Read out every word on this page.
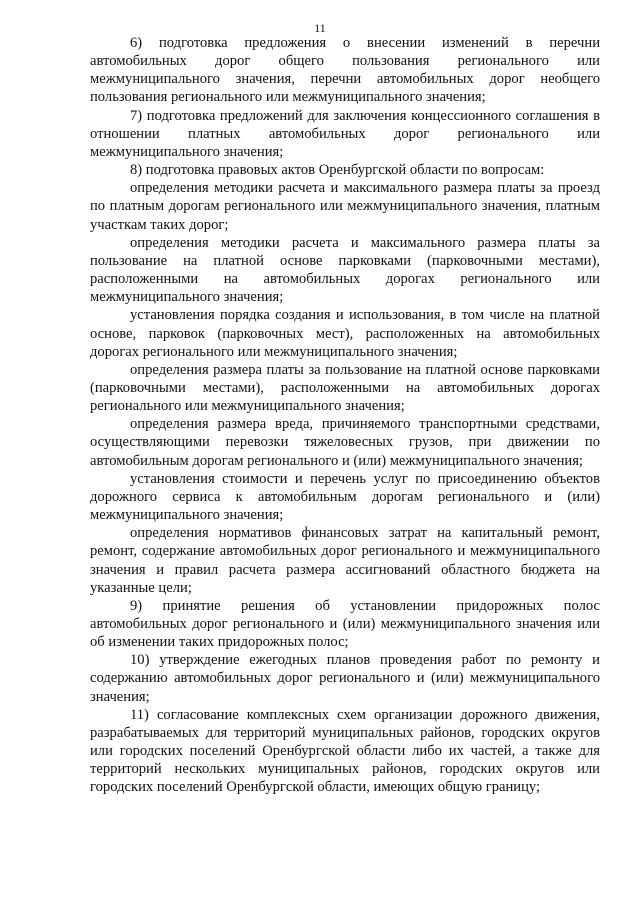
11

6) подготовка предложения о внесении изменений в перечни автомобильных дорог общего пользования регионального или межмуниципального значения, перечни автомобильных дорог необщего пользования регионального или межмуниципального значения;

7) подготовка предложений для заключения концессионного соглашения в отношении платных автомобильных дорог регионального или межмуниципального значения;

8) подготовка правовых актов Оренбургской области по вопросам:

определения методики расчета и максимального размера платы за проезд по платным дорогам регионального или межмуниципального значения, платным участкам таких дорог;

определения методики расчета и максимального размера платы за пользование на платной основе парковками (парковочными местами), расположенными на автомобильных дорогах регионального или межмуниципального значения;

установления порядка создания и использования, в том числе на платной основе, парковок (парковочных мест), расположенных на автомобильных дорогах регионального или межмуниципального значения;

определения размера платы за пользование на платной основе парковками (парковочными местами), расположенными на автомобильных дорогах регионального или межмуниципального значения;

определения размера вреда, причиняемого транспортными средствами, осуществляющими перевозки тяжеловесных грузов, при движении по автомобильным дорогам регионального и (или) межмуниципального значения;

установления стоимости и перечень услуг по присоединению объектов дорожного сервиса к автомобильным дорогам регионального и (или) межмуниципального значения;

определения нормативов финансовых затрат на капитальный ремонт, ремонт, содержание автомобильных дорог регионального и межмуниципального значения и правил расчета размера ассигнований областного бюджета на указанные цели;

9) принятие решения об установлении придорожных полос автомобильных дорог регионального и (или) межмуниципального значения или об изменении таких придорожных полос;

10) утверждение ежегодных планов проведения работ по ремонту и содержанию автомобильных дорог регионального и (или) межмуниципального значения;

11) согласование комплексных схем организации дорожного движения, разрабатываемых для территорий муниципальных районов, городских округов или городских поселений Оренбургской области либо их частей, а также для территорий нескольких муниципальных районов, городских округов или городских поселений Оренбургской области, имеющих общую границу;
